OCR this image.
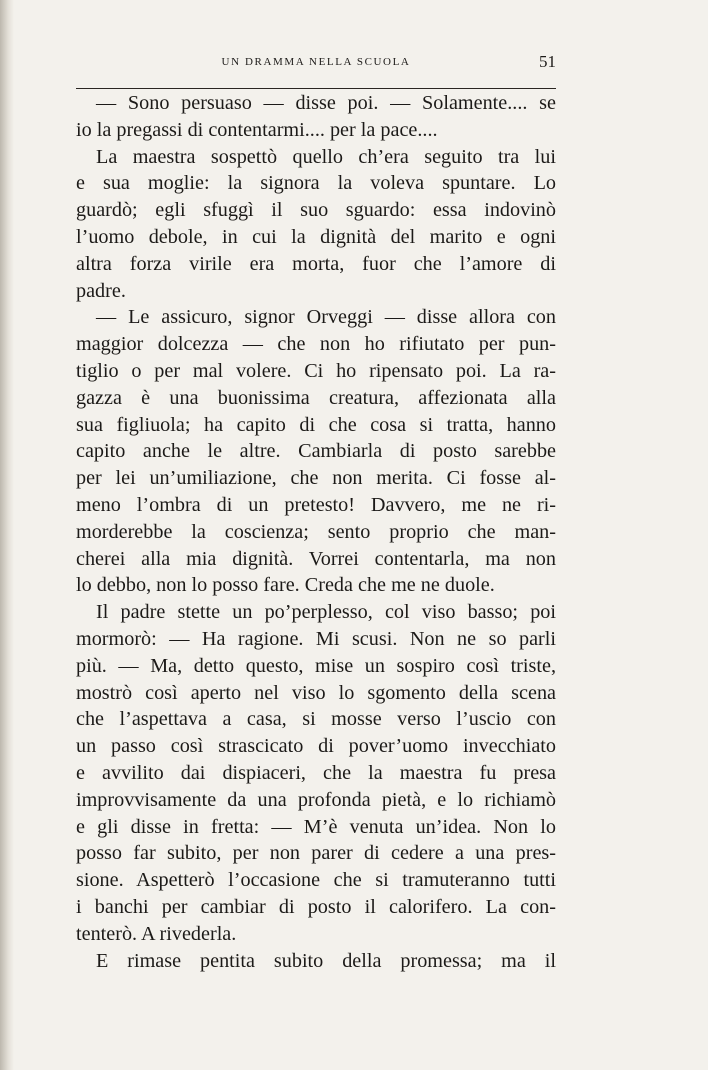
UN DRAMMA NELLA SCUOLA	51
— Sono persuaso — disse poi. — Solamente.... se
io la pregassi di contentarmi.... per la pace....
La maestra sospettò quello ch’era seguito tra lui
e sua moglie: la signora la voleva spuntare. Lo
guardò; egli sfuggì il suo sguardo: essa indovinò
l’uomo debole, in cui la dignità del marito e ogni
altra forza virile era morta, fuor che l’amore di
padre.
— Le assicuro, signor Orveggi — disse allora con
maggior dolcezza — che non ho rifiutato per pun-
tiglio o per mal volere. Ci ho ripensato poi. La ra-
gazza è una buonissima creatura, affezionata alla
sua figliuola; ha capito di che cosa si tratta, hanno
capito anche le altre. Cambiarla di posto sarebbe
per lei un’umiliazione, che non merita. Ci fosse al-
meno l’ombra di un pretesto! Davvero, me ne ri-
morderebbe la coscienza; sento proprio che man-
cherei alla mia dignità. Vorrei contentarla, ma non
lo debbo, non lo posso fare. Creda che me ne duole.
Il padre stette un po’perplesso, col viso basso; poi
mormorò: — Ha ragione. Mi scusi. Non ne so parli
più. — Ma, detto questo, mise un sospiro così triste,
mostrò così aperto nel viso lo sgomento della scena
che l’aspettava a casa, si mosse verso l’uscio con
un passo così strascicato di pover’uomo invecchiato
e avvilito dai dispiaceri, che la maestra fu presa
improvvisamente da una profonda pietà, e lo richiamò
e gli disse in fretta: — M’è venuta un’idea. Non lo
posso far subito, per non parer di cedere a una pres-
sione. Aspetterò l’occasione che si tramuteranno tutti
i banchi per cambiar di posto il calorifero. La con-
tenterò. A rivederla.
E rimase pentita subito della promessa; ma il
